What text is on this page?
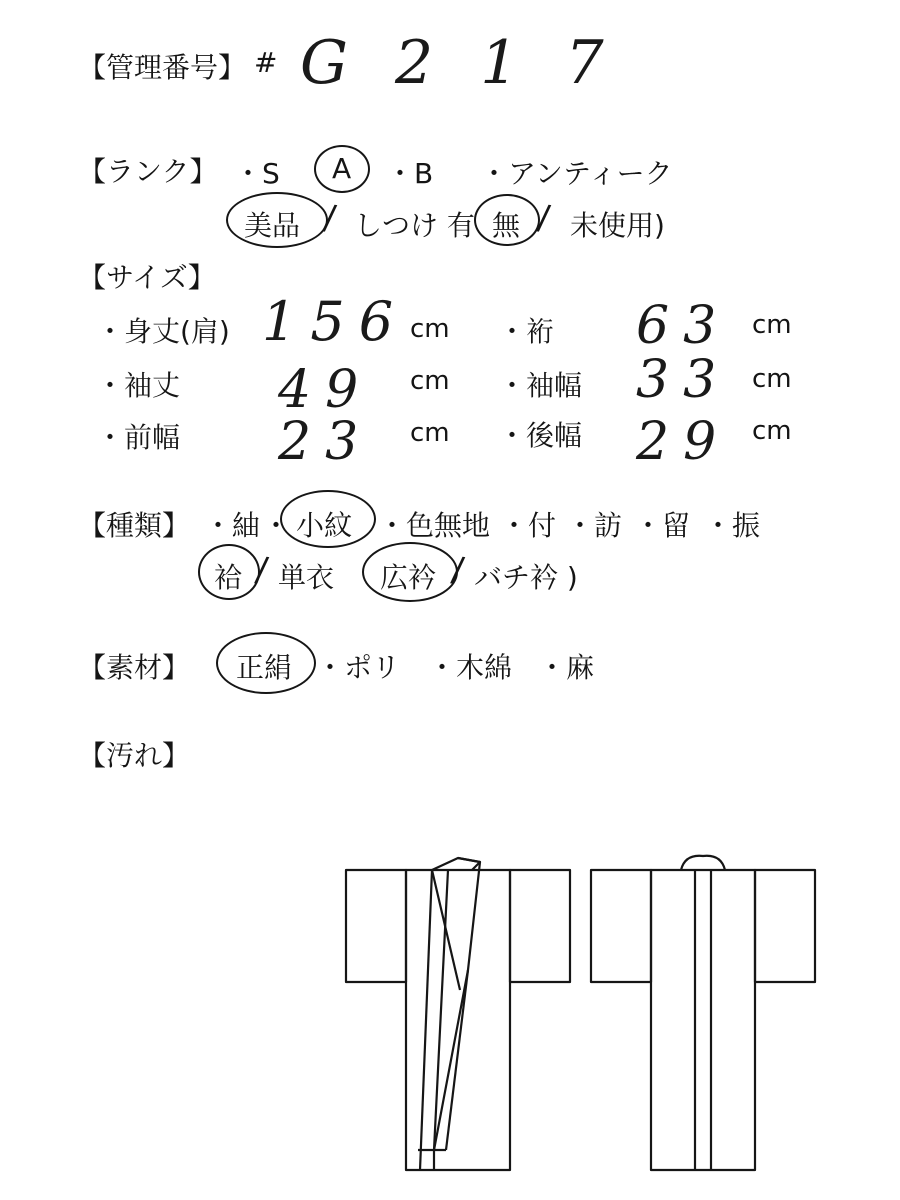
【管理番号】 # G 2 1 7
【ランク】 ・S A ・B ・アンティーク
美品 / しつけ 有 無 / 未使用)
【サイズ】
・身丈(肩) 156 cm ・裄 63 cm
・袖丈 49 cm ・袖幅 33 cm
・前幅 23 cm ・後幅 29 cm
【種類】 ・紬 ・ 小紋 ・色無地 ・付 ・訪 ・留 ・振
袷 / 単衣 広衿 / バチ衿 )
【素材】 正絹 ・ポリ ・木綿 ・麻
【汚れ】
